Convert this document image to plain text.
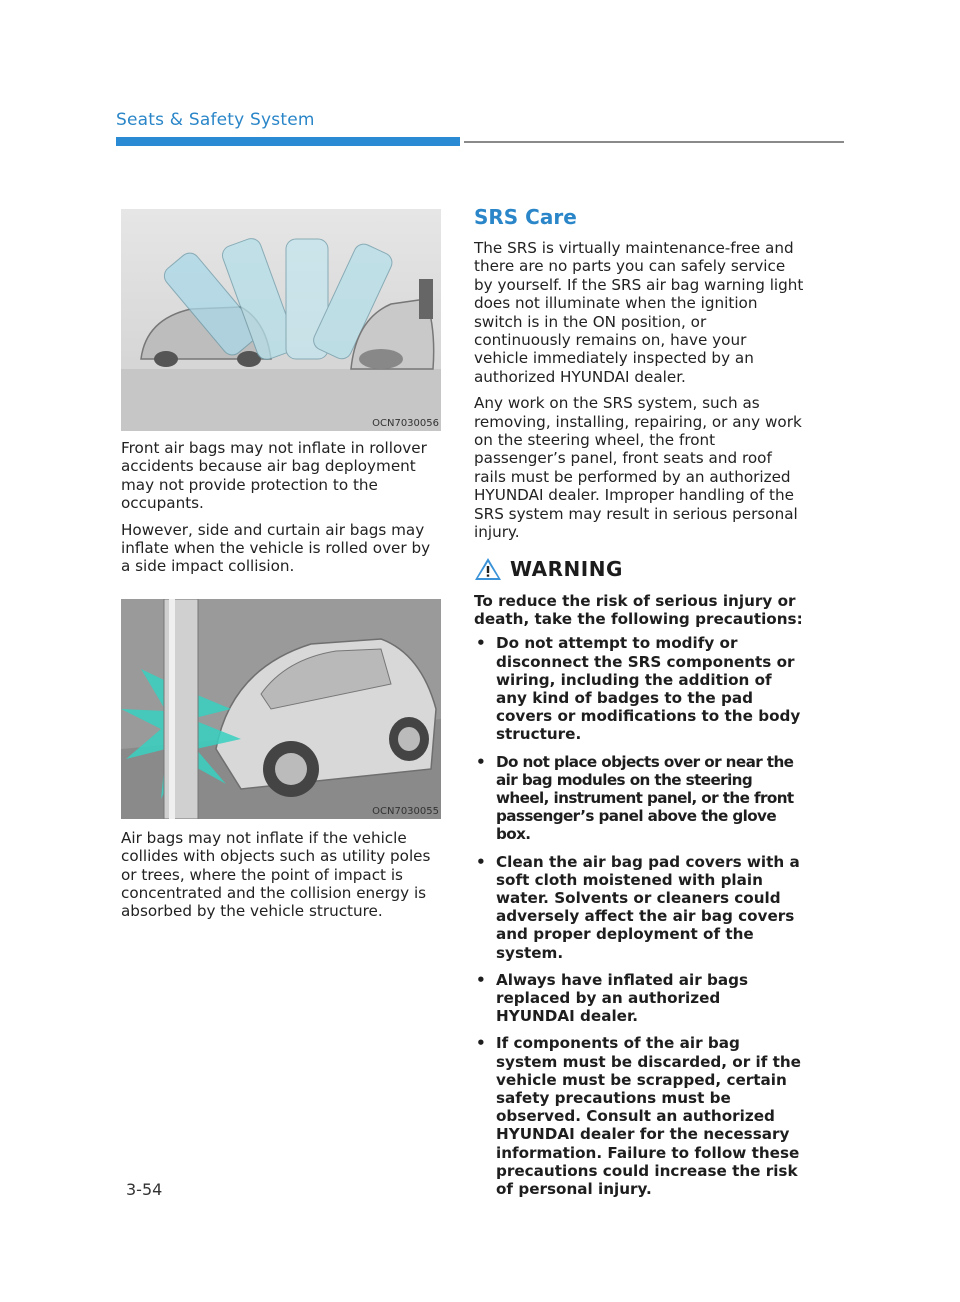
Seats & Safety System
OCN7030056

Front air bags may not inflate in rollover accidents because air bag deployment may not provide protection to the occupants.

However, side and curtain air bags may inflate when the vehicle is rolled over by a side impact collision.

OCN7030055

Air bags may not inflate if the vehicle collides with objects such as utility poles or trees, where the point of impact is concentrated and the collision energy is absorbed by the vehicle structure.

SRS Care

The SRS is virtually maintenance-free and there are no parts you can safely service by yourself. If the SRS air bag warning light does not illuminate when the ignition switch is in the ON position, or continuously remains on, have your vehicle immediately inspected by an authorized HYUNDAI dealer.

Any work on the SRS system, such as removing, installing, repairing, or any work on the steering wheel, the front passenger’s panel, front seats and roof rails must be performed by an authorized HYUNDAI dealer. Improper handling of the SRS system may result in serious personal injury.

WARNING

To reduce the risk of serious injury or death, take the following precautions:

• Do not attempt to modify or disconnect the SRS components or wiring, including the addition of any kind of badges to the pad covers or modifications to the body structure.
• Do not place objects over or near the air bag modules on the steering wheel, instrument panel, or the front passenger’s panel above the glove box.
• Clean the air bag pad covers with a soft cloth moistened with plain water. Solvents or cleaners could adversely affect the air bag covers and proper deployment of the system.
• Always have inflated air bags replaced by an authorized HYUNDAI dealer.
• If components of the air bag system must be discarded, or if the vehicle must be scrapped, certain safety precautions must be observed. Consult an authorized HYUNDAI dealer for the necessary information. Failure to follow these precautions could increase the risk of personal injury.
3-54
